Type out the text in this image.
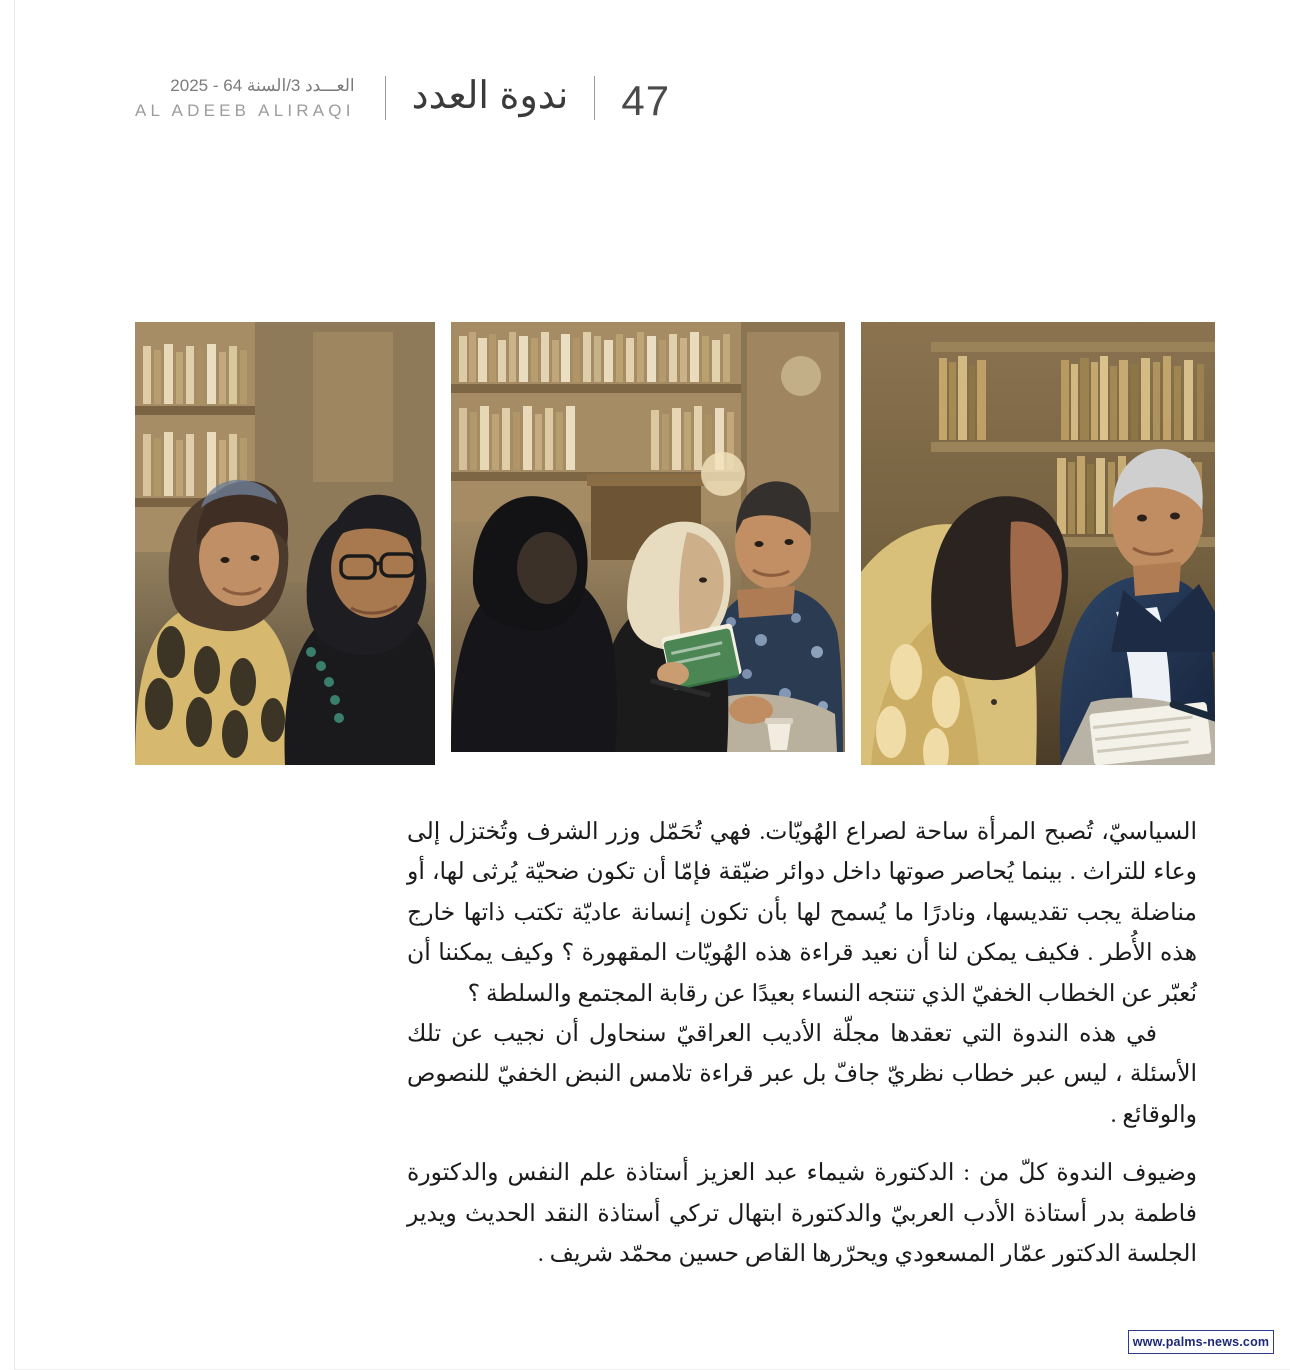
47
ندوة العدد
العـــدد 3/السنة 64 - 2025
AL ADEEB ALIRAQI

السياسيّ، تُصبح المرأة ساحة لصراع الهُويّات. فهي تُحَمّل وزر الشرف وتُختزل إلى وعاء للتراث . بينما يُحاصر صوتها داخل دوائر ضيّقة فإمّا أن تكون ضحيّة يُرثى لها، أو مناضلة يجب تقديسها، ونادرًا ما يُسمح لها بأن تكون إنسانة عاديّة تكتب ذاتها خارج هذه الأُطر . فكيف يمكن لنا أن نعيد قراءة هذه الهُويّات المقهورة ؟ وكيف يمكننا أن نُعبّر عن الخطاب الخفيّ الذي تنتجه النساء بعيدًا عن رقابة المجتمع والسلطة ؟

في هذه الندوة التي تعقدها مجلّة الأديب العراقيّ سنحاول أن نجيب عن تلك الأسئلة ، ليس عبر خطاب نظريّ جافّ بل عبر قراءة تلامس النبض الخفيّ للنصوص والوقائع .

وضيوف الندوة كلّ من : الدكتورة شيماء عبد العزيز أستاذة علم النفس والدكتورة فاطمة بدر أستاذة الأدب العربيّ والدكتورة ابتهال تركي أستاذة النقد الحديث ويدير الجلسة الدكتور عمّار المسعودي ويحرّرها القاص حسين محمّد شريف .

www.palms-news.com
